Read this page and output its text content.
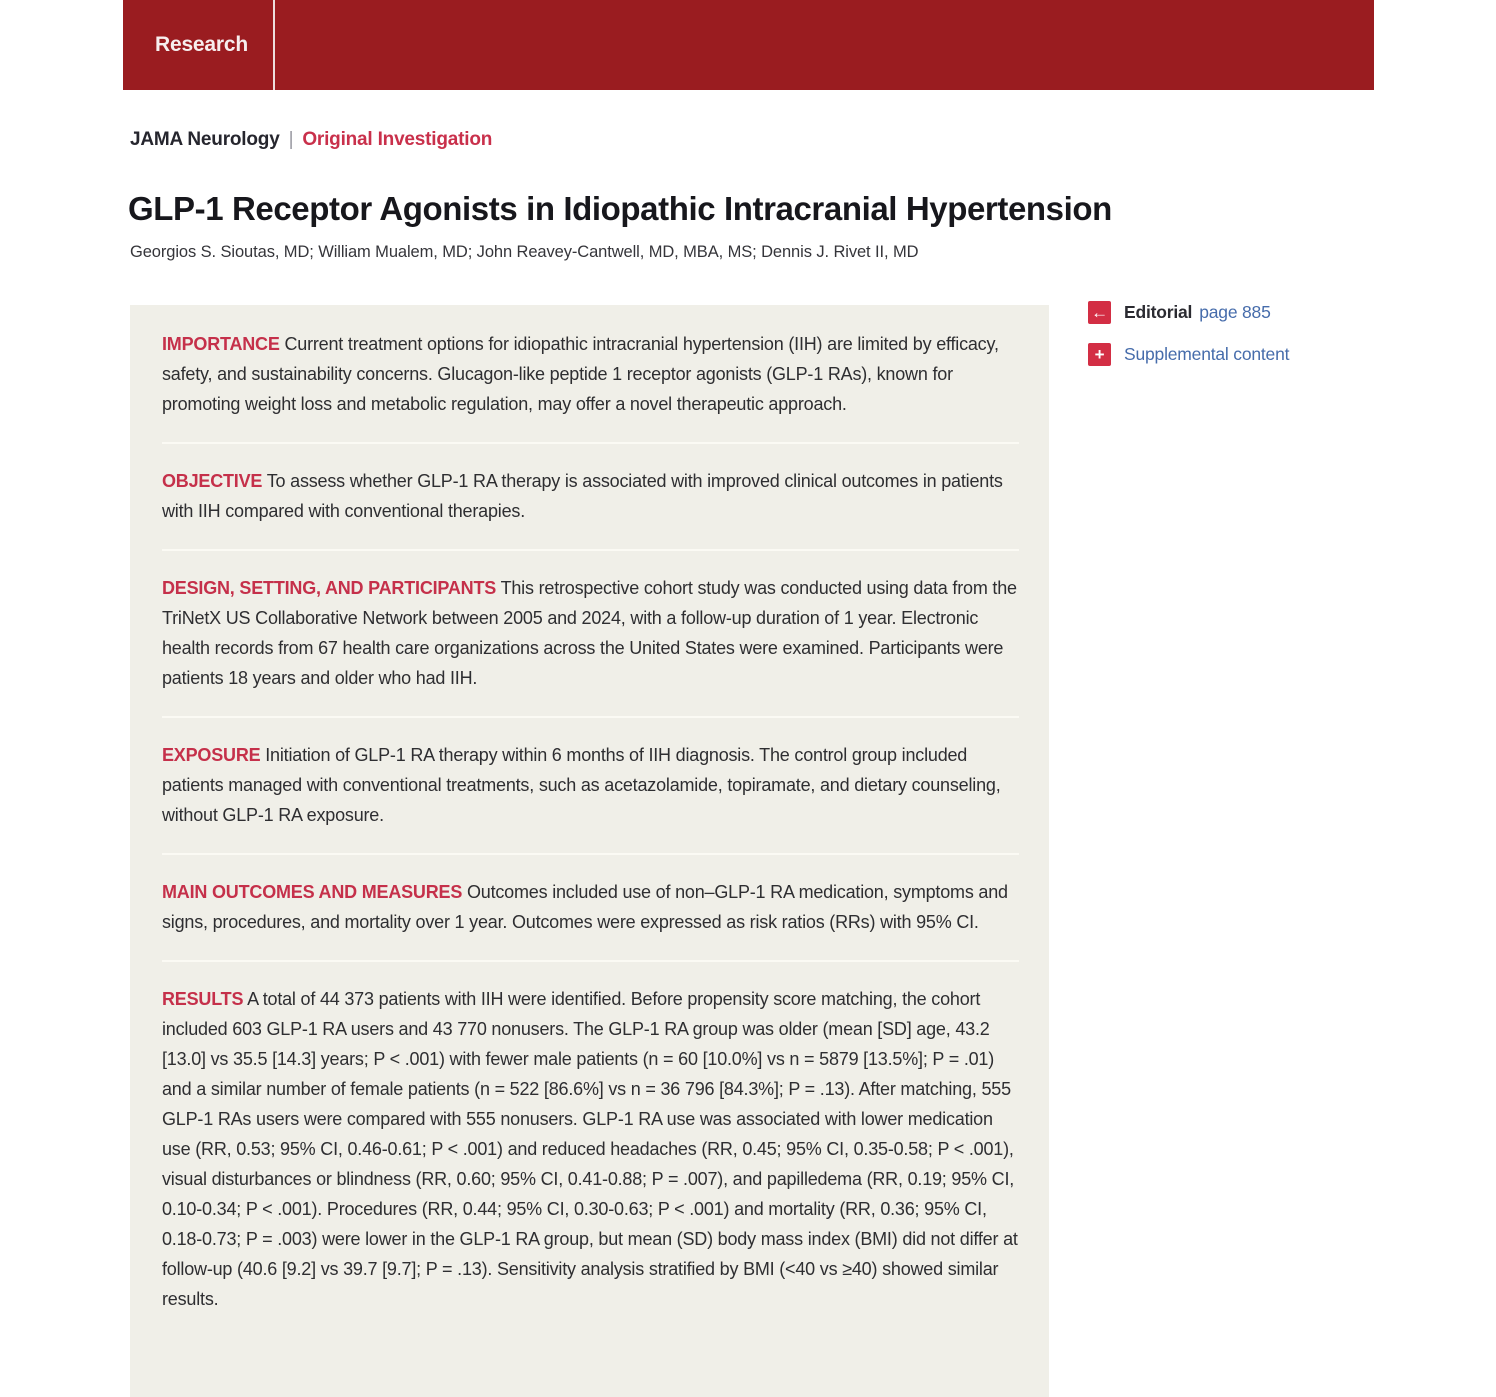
Research
JAMA Neurology | Original Investigation
GLP-1 Receptor Agonists in Idiopathic Intracranial Hypertension
Georgios S. Sioutas, MD; William Mualem, MD; John Reavey-Cantwell, MD, MBA, MS; Dennis J. Rivet II, MD

IMPORTANCE Current treatment options for idiopathic intracranial hypertension (IIH) are limited by efficacy, safety, and sustainability concerns. Glucagon-like peptide 1 receptor agonists (GLP-1 RAs), known for promoting weight loss and metabolic regulation, may offer a novel therapeutic approach.

OBJECTIVE To assess whether GLP-1 RA therapy is associated with improved clinical outcomes in patients with IIH compared with conventional therapies.

DESIGN, SETTING, AND PARTICIPANTS This retrospective cohort study was conducted using data from the TriNetX US Collaborative Network between 2005 and 2024, with a follow-up duration of 1 year. Electronic health records from 67 health care organizations across the United States were examined. Participants were patients 18 years and older who had IIH.

EXPOSURE Initiation of GLP-1 RA therapy within 6 months of IIH diagnosis. The control group included patients managed with conventional treatments, such as acetazolamide, topiramate, and dietary counseling, without GLP-1 RA exposure.

MAIN OUTCOMES AND MEASURES Outcomes included use of non–GLP-1 RA medication, symptoms and signs, procedures, and mortality over 1 year. Outcomes were expressed as risk ratios (RRs) with 95% CI.

RESULTS A total of 44 373 patients with IIH were identified. Before propensity score matching, the cohort included 603 GLP-1 RA users and 43 770 nonusers. The GLP-1 RA group was older (mean [SD] age, 43.2 [13.0] vs 35.5 [14.3] years; P < .001) with fewer male patients (n = 60 [10.0%] vs n = 5879 [13.5%]; P = .01) and a similar number of female patients (n = 522 [86.6%] vs n = 36 796 [84.3%]; P = .13). After matching, 555 GLP-1 RAs users were compared with 555 nonusers. GLP-1 RA use was associated with lower medication use (RR, 0.53; 95% CI, 0.46-0.61; P < .001) and reduced headaches (RR, 0.45; 95% CI, 0.35-0.58; P < .001), visual disturbances or blindness (RR, 0.60; 95% CI, 0.41-0.88; P = .007), and papilledema (RR, 0.19; 95% CI, 0.10-0.34; P < .001). Procedures (RR, 0.44; 95% CI, 0.30-0.63; P < .001) and mortality (RR, 0.36; 95% CI, 0.18-0.73; P = .003) were lower in the GLP-1 RA group, but mean (SD) body mass index (BMI) did not differ at follow-up (40.6 [9.2] vs 39.7 [9.7]; P = .13). Sensitivity analysis stratified by BMI (<40 vs ≥40) showed similar results.

← Editorial page 885
+	Supplemental content
